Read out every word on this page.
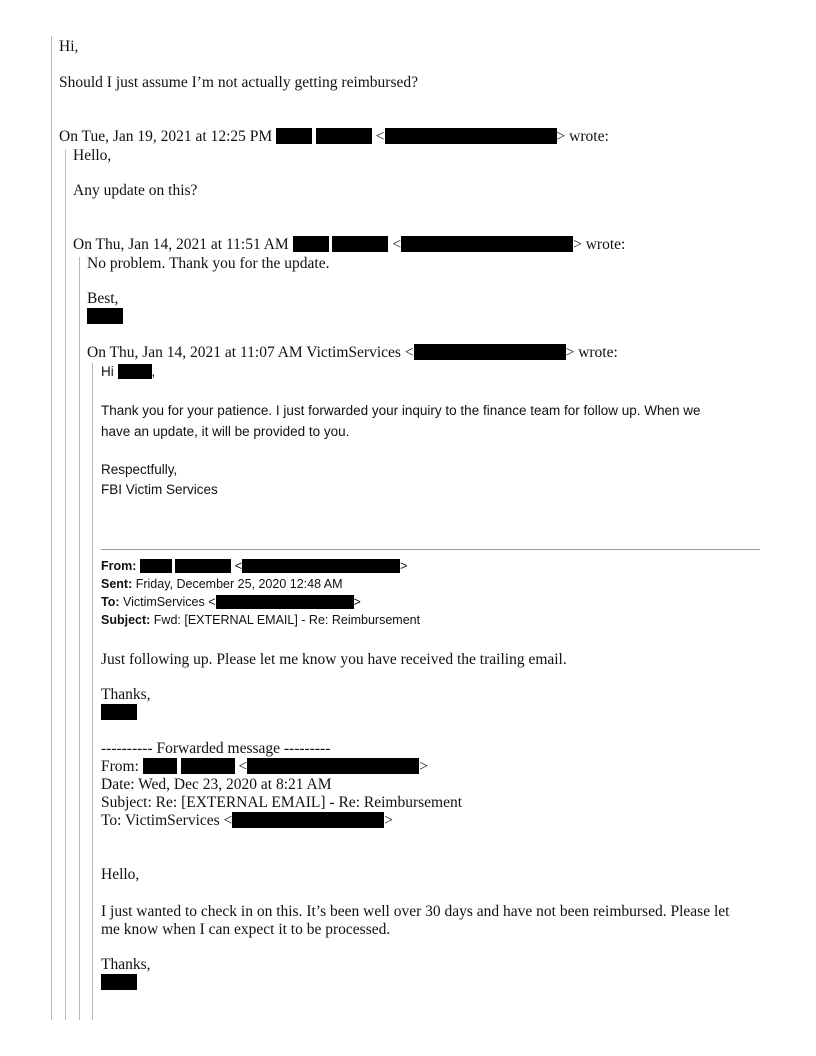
Hi,
Should I just assume I’m not actually getting reimbursed?
On Tue, Jan 19, 2021 at 12:25 PM	<	> wrote:
Hello,
Any update on this?
On Thu, Jan 14, 2021 at 11:51 AM	<	> wrote:
No problem. Thank you for the update.
Best,
On Thu, Jan 14, 2021 at 11:07 AM VictimServices <	> wrote:
Hi	,
Thank you for your patience. I just forwarded your inquiry to the finance team for follow up. When we
have an update, it will be provided to you.
Respectfully,
FBI Victim Services
From:	<	>
Sent: Friday, December 25, 2020 12:48 AM
To: VictimServices <	>
Subject: Fwd: [EXTERNAL EMAIL] - Re: Reimbursement
Just following up. Please let me know you have received the trailing email.
Thanks,
---------- Forwarded message ---------
From:	<	>
Date: Wed, Dec 23, 2020 at 8:21 AM
Subject: Re: [EXTERNAL EMAIL] - Re: Reimbursement
To: VictimServices <	>
Hello,
I just wanted to check in on this. It’s been well over 30 days and have not been reimbursed. Please let
me know when I can expect it to be processed.
Thanks,
